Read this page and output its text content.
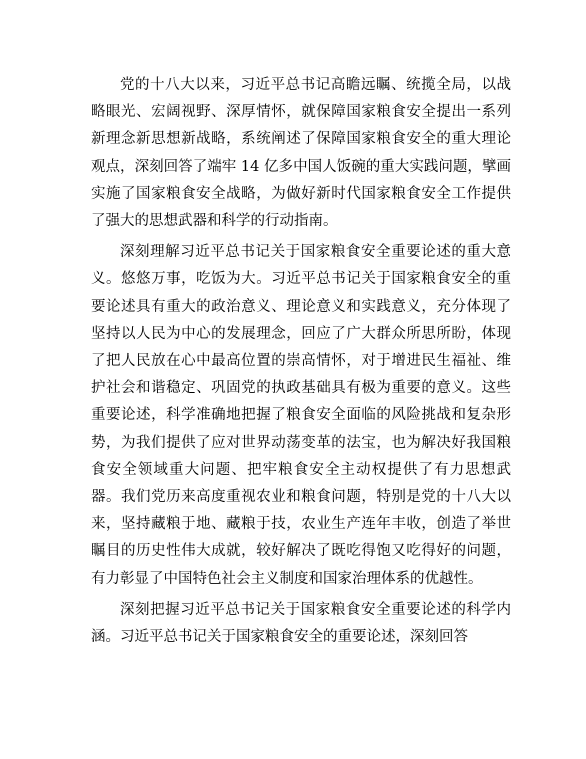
党的十八大以来，习近平总书记高瞻远瞩、统揽全局，以战略眼光、宏阔视野、深厚情怀，就保障国家粮食安全提出一系列新理念新思想新战略，系统阐述了保障国家粮食安全的重大理论观点，深刻回答了端牢 14 亿多中国人饭碗的重大实践问题，擘画实施了国家粮食安全战略，为做好新时代国家粮食安全工作提供了强大的思想武器和科学的行动指南。

深刻理解习近平总书记关于国家粮食安全重要论述的重大意义。悠悠万事，吃饭为大。习近平总书记关于国家粮食安全的重要论述具有重大的政治意义、理论意义和实践意义，充分体现了坚持以人民为中心的发展理念，回应了广大群众所思所盼，体现了把人民放在心中最高位置的崇高情怀，对于增进民生福祉、维护社会和谐稳定、巩固党的执政基础具有极为重要的意义。这些重要论述，科学准确地把握了粮食安全面临的风险挑战和复杂形势，为我们提供了应对世界动荡变革的法宝，也为解决好我国粮食安全领域重大问题、把牢粮食安全主动权提供了有力思想武器。我们党历来高度重视农业和粮食问题，特别是党的十八大以来，坚持藏粮于地、藏粮于技，农业生产连年丰收，创造了举世瞩目的历史性伟大成就，较好解决了既吃得饱又吃得好的问题，有力彰显了中国特色社会主义制度和国家治理体系的优越性。

深刻把握习近平总书记关于国家粮食安全重要论述的科学内涵。习近平总书记关于国家粮食安全的重要论述，深刻回答
